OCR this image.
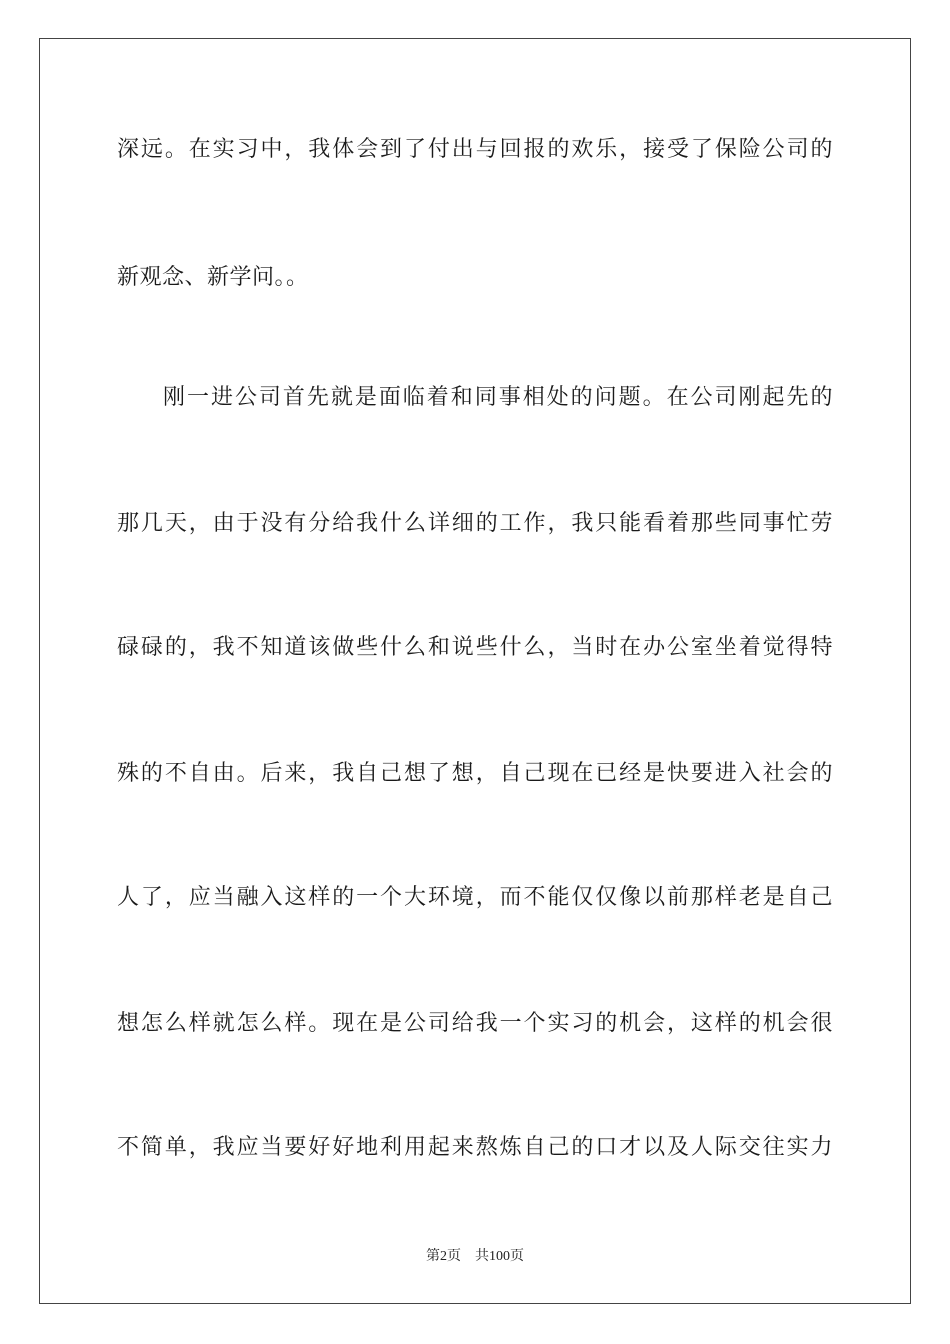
深远。在实习中，我体会到了付出与回报的欢乐，接受了保险公司的
新观念、新学问。。
刚一进公司首先就是面临着和同事相处的问题。在公司刚起先的
那几天，由于没有分给我什么详细的工作，我只能看着那些同事忙劳
碌碌的，我不知道该做些什么和说些什么，当时在办公室坐着觉得特
殊的不自由。后来，我自己想了想，自己现在已经是快要进入社会的
人了，应当融入这样的一个大环境，而不能仅仅像以前那样老是自己
想怎么样就怎么样。现在是公司给我一个实习的机会，这样的机会很
不简单，我应当要好好地利用起来熬炼自己的口才以及人际交往实力
第2页 共100页
